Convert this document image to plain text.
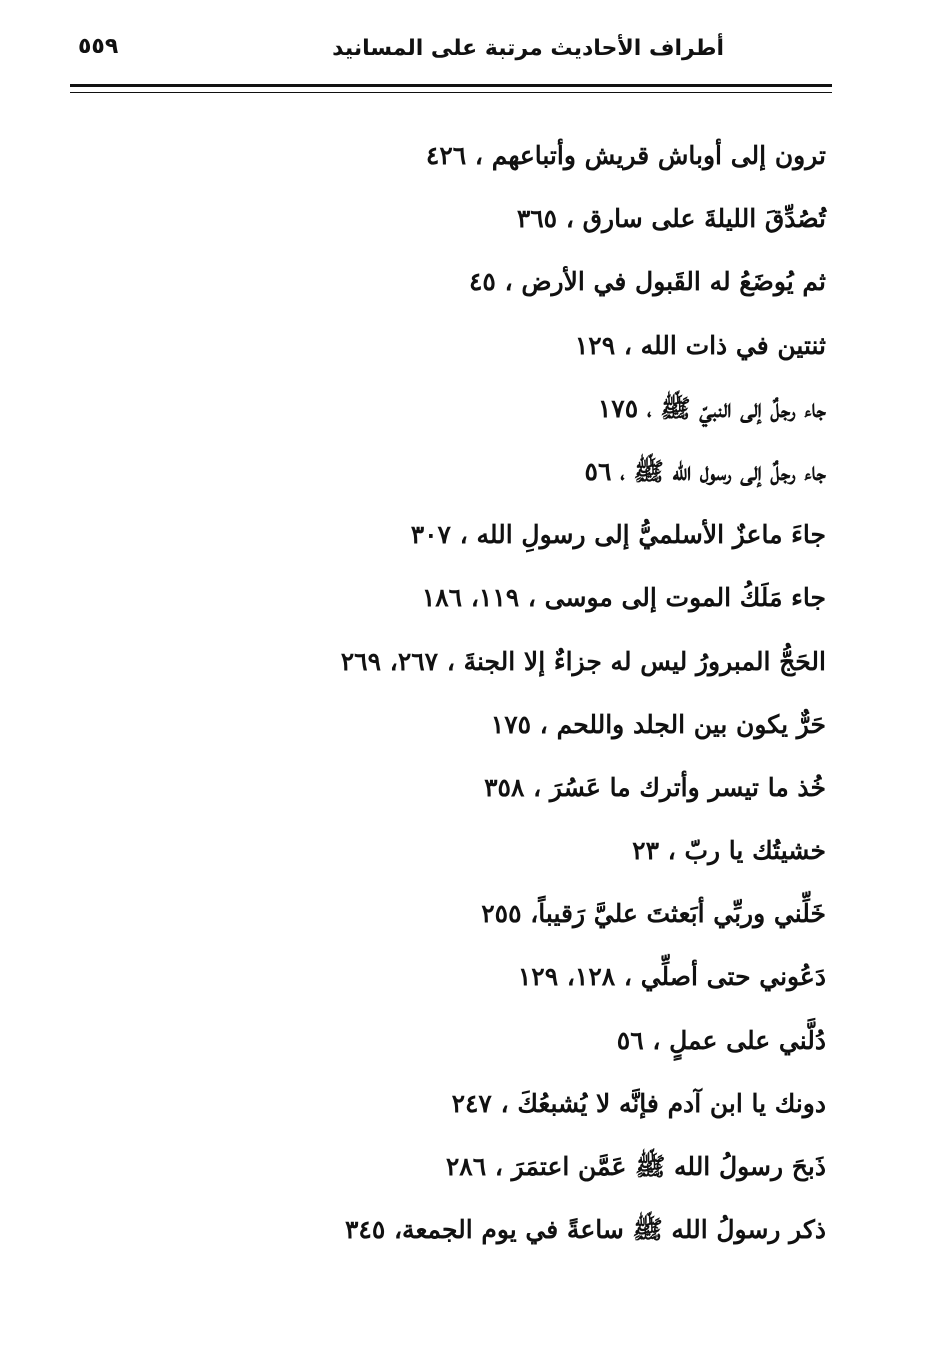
٥٥٩	أطراف الأحاديث مرتبة على المسانيد
ترون إلى أوباش قريش وأتباعهم ، ٤٢٦
تُصُدِّقَ الليلةَ على سارق ، ٣٦٥
ثم يُوضَعُ له القَبول في الأرض ، ٤٥
ثنتين في ذات الله ، ١٢٩
جاء رجلٌ إلى النبيّ ﷺ ، ١٧٥
جاء رجلٌ إلى رسول الله ﷺ ، ٥٦
جاءَ ماعزٌ الأسلميُّ إلى رسولِ الله ، ٣٠٧
جاء مَلَكُ الموت إلى موسى ، ١١٩، ١٨٦
الحَجُّ المبرورُ ليس له جزاءٌ إلا الجنةَ ، ٢٦٧، ٢٦٩
حَرٌّ يكون بين الجلد واللحم ، ١٧٥
خُذ ما تيسر وأترك ما عَسُرَ ، ٣٥٨
خشيتُك يا ربّ ، ٢٣
خَلِّني وربِّي أبَعثتَ عليَّ رَقيباً، ٢٥٥
دَعُوني حتى أصلِّي ، ١٢٨، ١٢٩
دُلَّني على عملٍ ، ٥٦
دونك يا ابن آدم فإنَّه لا يُشبعُكَ ، ٢٤٧
ذَبحَ رسولُ الله ﷺ عَمَّن اعتمَرَ ، ٢٨٦
ذكر رسولُ الله ﷺ ساعةً في يوم الجمعة، ٣٤٥
